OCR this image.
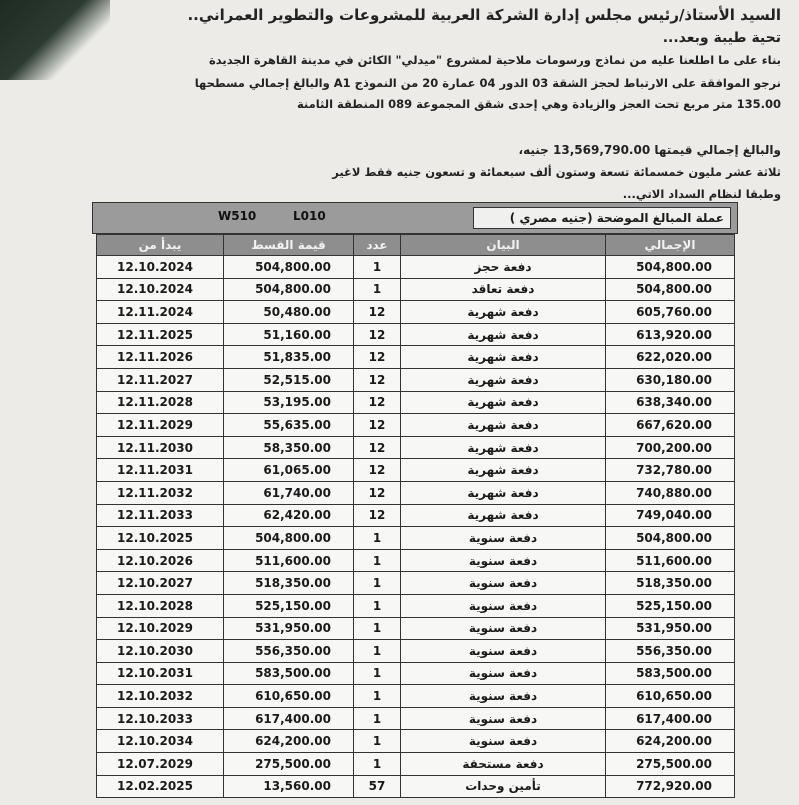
السيد الأستاذ/رئيس مجلس إدارة الشركة العربية للمشروعات والتطوير العمراني..
تحية طيبة وبعد...
بناء على ما اطلعنا عليه من نماذج ورسومات ملاحية لمشروع "ميدلي" الكائن في مدينة القاهرة الجديدة
نرجو الموافقة على الارتباط لحجز الشقة 03 الدور 04 عمارة 20 من النموذج A1 والبالغ إجمالي مسطحها
135.00 متر مربع تحت العجز والزيادة وهي إحدى شقق المجموعة 089 المنطقة الثامنة
والبالغ إجمالي قيمتها 13,569,790.00 جنيه،
ثلاثة عشر مليون خمسمائة تسعة وستون ألف سبعمائة و تسعون جنيه فقط لاغير
وطبقا لنظام السداد الاتي...
W510	L010	عملة المبالغ الموضحة (جنيه مصري )
يبدأ من	قيمة القسط	عدد	البيان	الإجمالي
12.10.2024	504,800.00	1	دفعة حجز	504,800.00
12.10.2024	504,800.00	1	دفعة تعاقد	504,800.00
12.11.2024	50,480.00	12	دفعة شهرية	605,760.00
12.11.2025	51,160.00	12	دفعة شهرية	613,920.00
12.11.2026	51,835.00	12	دفعة شهرية	622,020.00
12.11.2027	52,515.00	12	دفعة شهرية	630,180.00
12.11.2028	53,195.00	12	دفعة شهرية	638,340.00
12.11.2029	55,635.00	12	دفعة شهرية	667,620.00
12.11.2030	58,350.00	12	دفعة شهرية	700,200.00
12.11.2031	61,065.00	12	دفعة شهرية	732,780.00
12.11.2032	61,740.00	12	دفعة شهرية	740,880.00
12.11.2033	62,420.00	12	دفعة شهرية	749,040.00
12.10.2025	504,800.00	1	دفعة سنوية	504,800.00
12.10.2026	511,600.00	1	دفعة سنوية	511,600.00
12.10.2027	518,350.00	1	دفعة سنوية	518,350.00
12.10.2028	525,150.00	1	دفعة سنوية	525,150.00
12.10.2029	531,950.00	1	دفعة سنوية	531,950.00
12.10.2030	556,350.00	1	دفعة سنوية	556,350.00
12.10.2031	583,500.00	1	دفعة سنوية	583,500.00
12.10.2032	610,650.00	1	دفعة سنوية	610,650.00
12.10.2033	617,400.00	1	دفعة سنوية	617,400.00
12.10.2034	624,200.00	1	دفعة سنوية	624,200.00
12.07.2029	275,500.00	1	دفعة مستحقة	275,500.00
12.02.2025	13,560.00	57	تأمين وحدات	772,920.00
